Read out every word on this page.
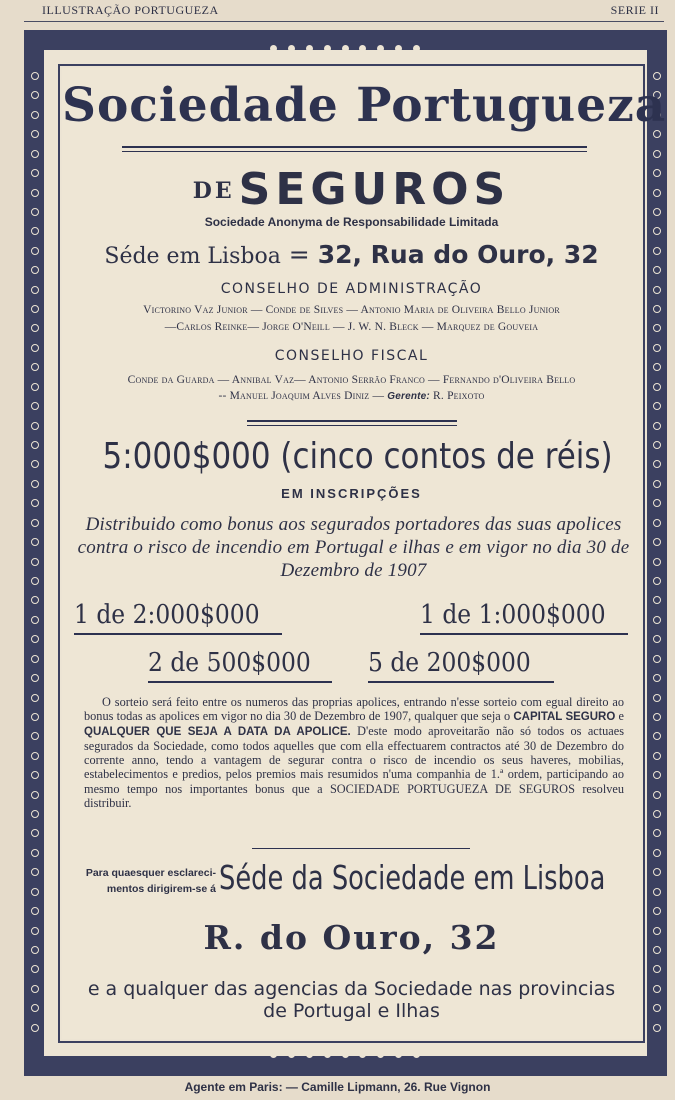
ILLUSTRAÇÃO PORTUGUEZA	SERIE II
Sociedade Portugueza
DE SEGUROS
Sociedade Anonyma de Responsabilidade Limitada
Séde em Lisboa = 32, Rua do Ouro, 32
CONSELHO DE ADMINISTRAÇÃO
Victorino Vaz Junior — Conde de Silves — Antonio Maria de Oliveira Bello Junior
—Carlos Reinke— Jorge O'Neill — J. W. N. Bleck — Marquez de Gouveia
CONSELHO FISCAL
Conde da Guarda — Annibal Vaz— Antonio Serrão Franco — Fernando d'Oliveira Bello
-- Manuel Joaquim Alves Diniz — Gerente: R. Peixoto
5:000$000 (cinco contos de réis)
EM INSCRIPÇÕES
Distribuido como bonus aos segurados portadores das suas apolices contra o risco de incendio em Portugal e ilhas e em vigor no dia 30 de Dezembro de 1907
1 de 2:000$000	1 de 1:000$000
2 de 500$000 5 de 200$000

O sorteio será feito entre os numeros das proprias apolices, entrando n'esse sorteio com egual direito ao bonus todas as apolices em vigor no dia 30 de Dezembro de 1907, qualquer que seja o CAPITAL SEGURO e QUALQUER QUE SEJA A DATA DA APOLICE. D'este modo aproveitarão não só todos os actuaes segurados da Sociedade, como todos aquelles que com ella effectuarem contractos até 30 de Dezembro do corrente anno, tendo a vantagem de segurar contra o risco de incendio os seus haveres, mobilias, estabelecimentos e predios, pelos premios mais resumidos n'uma companhia de 1.ª ordem, participando ao mesmo tempo nos importantes bonus que a SOCIEDADE PORTUGUEZA DE SEGUROS resolveu distribuir.

Para quaesquer esclareci-
mentos dirigirem-se á Séde da Sociedade em Lisboa
R. do Ouro, 32
e a qualquer das agencias da Sociedade nas provincias
de Portugal e Ilhas
Agente em Paris: — Camille Lipmann, 26. Rue Vignon
